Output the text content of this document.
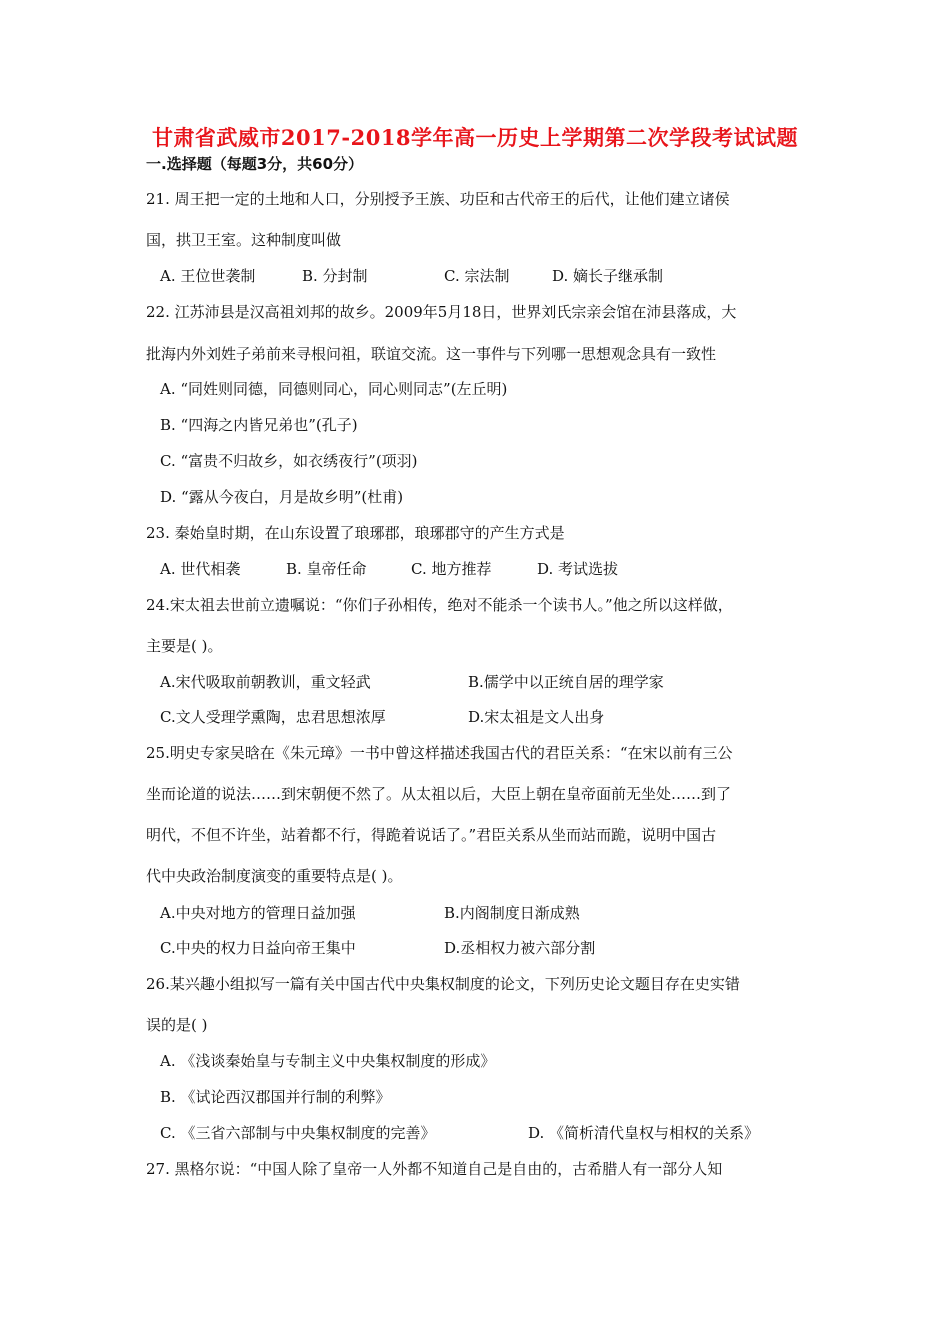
甘肃省武威市2017-2018学年高一历史上学期第二次学段考试试题
一.选择题（每题3分，共60分）
21. 周王把一定的土地和人口，分别授予王族、功臣和古代帝王的后代，让他们建立诸侯
国，拱卫王室。这种制度叫做
A. 王位世袭制	B. 分封制	C. 宗法制	D. 嫡长子继承制
22. 江苏沛县是汉高祖刘邦的故乡。2009年5月18日，世界刘氏宗亲会馆在沛县落成，大
批海内外刘姓子弟前来寻根问祖，联谊交流。这一事件与下列哪一思想观念具有一致性
A. “同姓则同德，同德则同心，同心则同志”(左丘明)
B. “四海之内皆兄弟也”(孔子)
C. “富贵不归故乡，如衣绣夜行”(项羽)
D. “露从今夜白，月是故乡明”(杜甫)
23. 秦始皇时期，在山东设置了琅琊郡，琅琊郡守的产生方式是
A. 世代相袭	B. 皇帝任命	C. 地方推荐	D. 考试选拔
24.宋太祖去世前立遗嘱说：“你们子孙相传，绝对不能杀一个读书人。”他之所以这样做，
主要是( )。
A.宋代吸取前朝教训，重文轻武	B.儒学中以正统自居的理学家
C.文人受理学熏陶，忠君思想浓厚	D.宋太祖是文人出身
25.明史专家吴晗在《朱元璋》一书中曾这样描述我国古代的君臣关系：“在宋以前有三公
坐而论道的说法……到宋朝便不然了。从太祖以后，大臣上朝在皇帝面前无坐处……到了
明代，不但不许坐，站着都不行，得跪着说话了。”君臣关系从坐而站而跪，说明中国古
代中央政治制度演变的重要特点是( )。
A.中央对地方的管理日益加强	B.内阁制度日渐成熟
C.中央的权力日益向帝王集中	D.丞相权力被六部分割
26.某兴趣小组拟写一篇有关中国古代中央集权制度的论文，下列历史论文题目存在史实错
误的是( )
A. 《浅谈秦始皇与专制主义中央集权制度的形成》
B. 《试论西汉郡国并行制的利弊》
C. 《三省六部制与中央集权制度的完善》	D. 《简析清代皇权与相权的关系》
27. 黑格尔说：“中国人除了皇帝一人外都不知道自己是自由的，古希腊人有一部分人知
